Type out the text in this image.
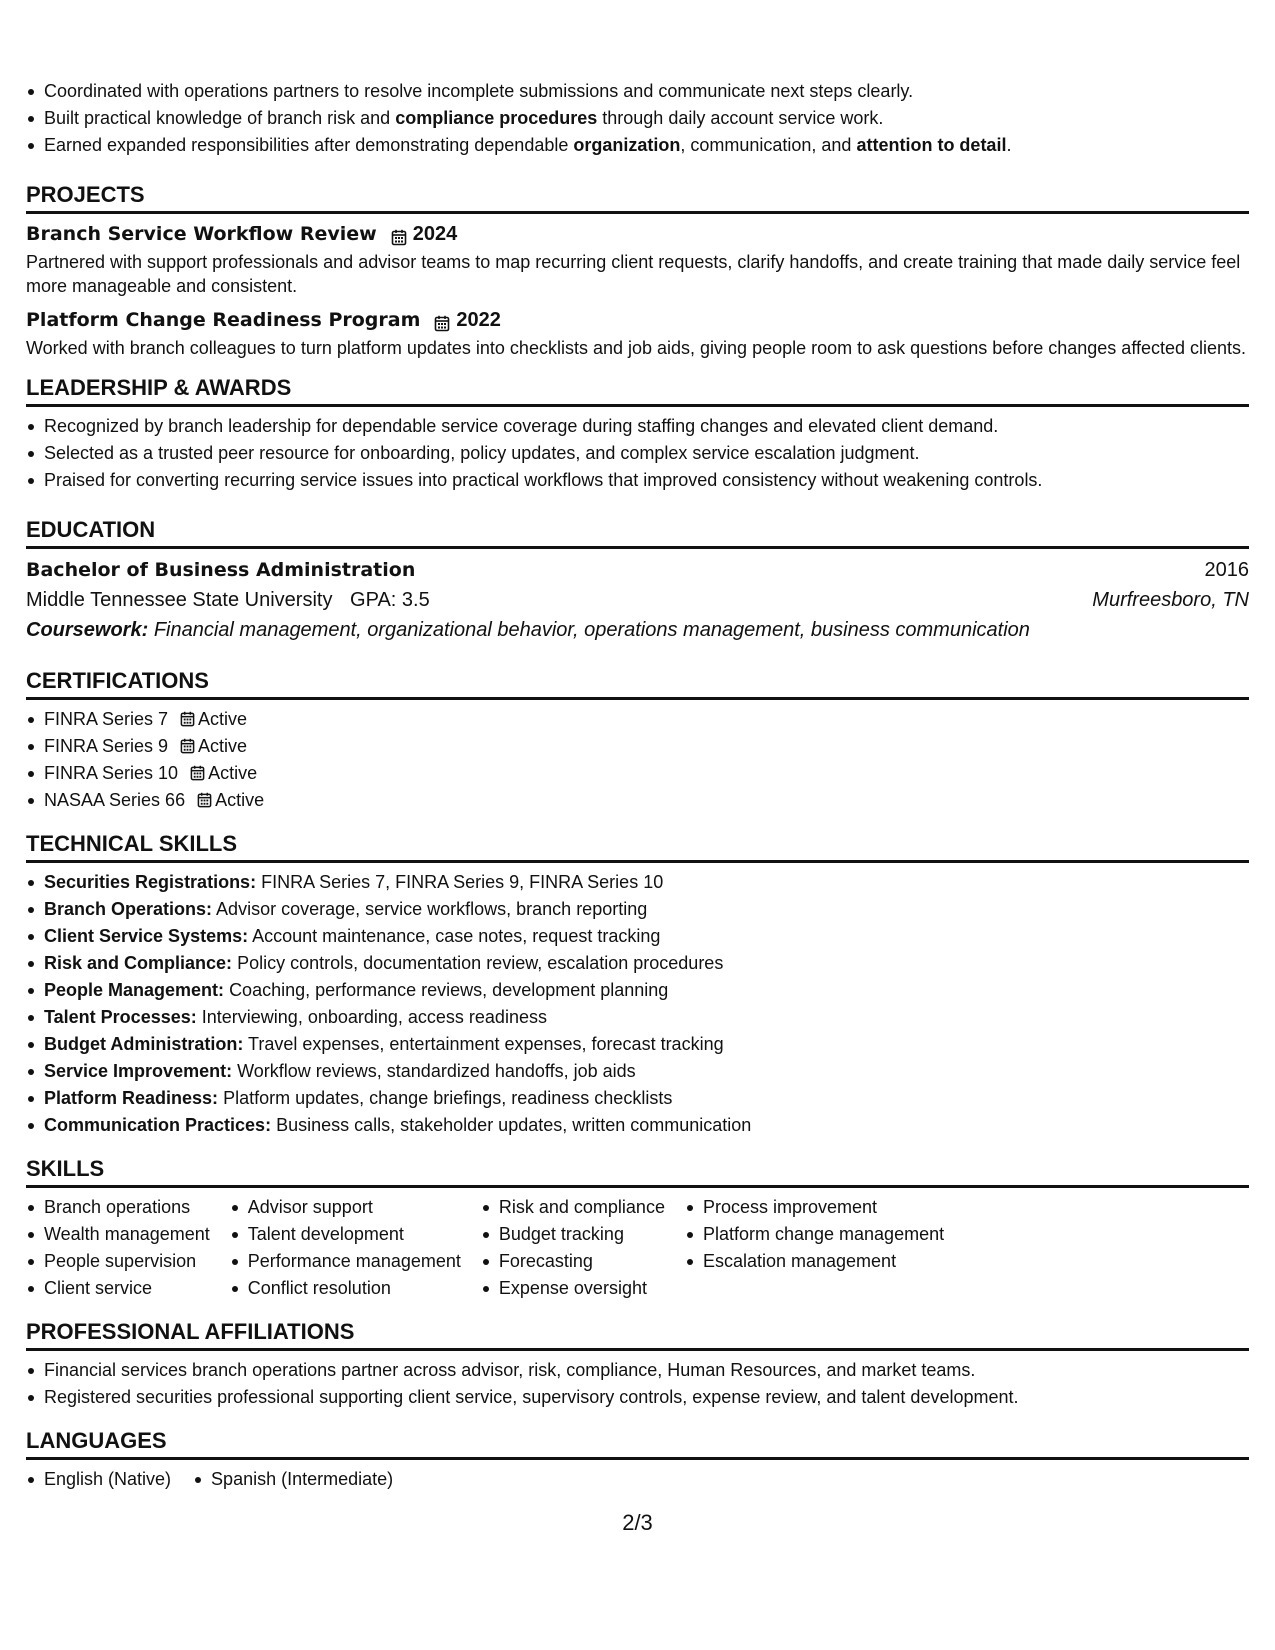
Coordinated with operations partners to resolve incomplete submissions and communicate next steps clearly.
Built practical knowledge of branch risk and compliance procedures through daily account service work.
Earned expanded responsibilities after demonstrating dependable organization, communication, and attention to detail.
PROJECTS
Branch Service Workflow Review 2024
Partnered with support professionals and advisor teams to map recurring client requests, clarify handoffs, and create training that made daily service feel more manageable and consistent.
Platform Change Readiness Program 2022
Worked with branch colleagues to turn platform updates into checklists and job aids, giving people room to ask questions before changes affected clients.
LEADERSHIP & AWARDS
Recognized by branch leadership for dependable service coverage during staffing changes and elevated client demand.
Selected as a trusted peer resource for onboarding, policy updates, and complex service escalation judgment.
Praised for converting recurring service issues into practical workflows that improved consistency without weakening controls.
EDUCATION
Bachelor of Business Administration	2016
Middle Tennessee State University GPA: 3.5	Murfreesboro, TN
Coursework: Financial management, organizational behavior, operations management, business communication
CERTIFICATIONS
FINRA Series 7 Active
FINRA Series 9 Active
FINRA Series 10 Active
NASAA Series 66 Active
TECHNICAL SKILLS
Securities Registrations: FINRA Series 7, FINRA Series 9, FINRA Series 10
Branch Operations: Advisor coverage, service workflows, branch reporting
Client Service Systems: Account maintenance, case notes, request tracking
Risk and Compliance: Policy controls, documentation review, escalation procedures
People Management: Coaching, performance reviews, development planning
Talent Processes: Interviewing, onboarding, access readiness
Budget Administration: Travel expenses, entertainment expenses, forecast tracking
Service Improvement: Workflow reviews, standardized handoffs, job aids
Platform Readiness: Platform updates, change briefings, readiness checklists
Communication Practices: Business calls, stakeholder updates, written communication
SKILLS
Branch operations
Wealth management
People supervision
Client service
Advisor support
Talent development
Performance management
Conflict resolution
Risk and compliance
Budget tracking
Forecasting
Expense oversight
Process improvement
Platform change management
Escalation management
PROFESSIONAL AFFILIATIONS
Financial services branch operations partner across advisor, risk, compliance, Human Resources, and market teams.
Registered securities professional supporting client service, supervisory controls, expense review, and talent development.
LANGUAGES
English (Native)	Spanish (Intermediate)
2/3
